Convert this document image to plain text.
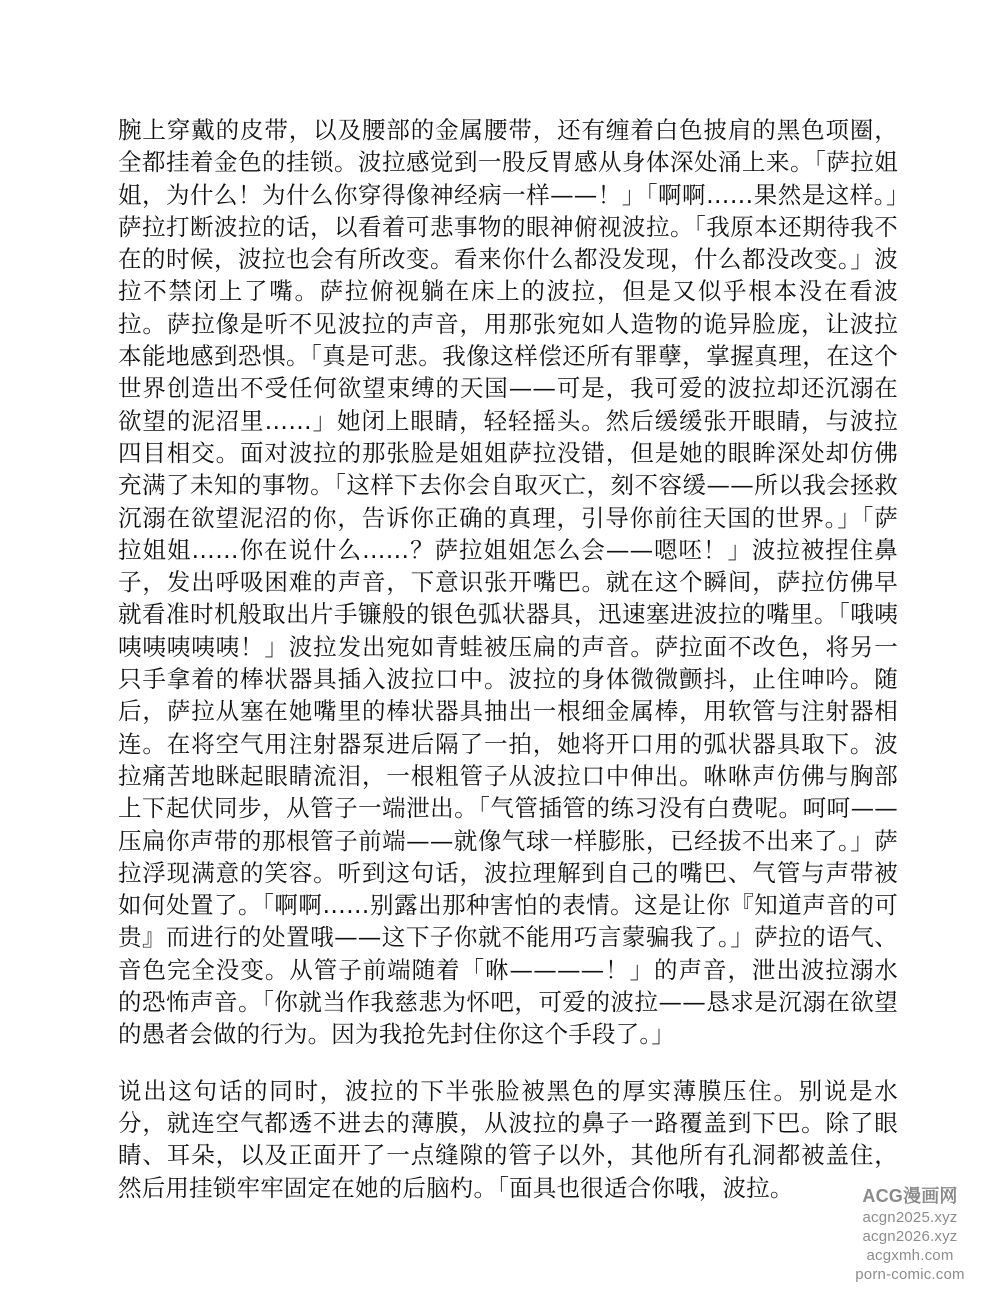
腕上穿戴的皮带，以及腰部的金属腰带，还有缠着白色披肩的黑色项圈，全都挂着金色的挂锁。波拉感觉到一股反胃感从身体深处涌上来。「萨拉姐姐，为什么！为什么你穿得像神经病一样——！」「啊啊……果然是这样。」萨拉打断波拉的话，以看着可悲事物的眼神俯视波拉。「我原本还期待我不在的时候，波拉也会有所改变。看来你什么都没发现，什么都没改变。」波拉不禁闭上了嘴。萨拉俯视躺在床上的波拉，但是又似乎根本没在看波拉。萨拉像是听不见波拉的声音，用那张宛如人造物的诡异脸庞，让波拉本能地感到恐惧。「真是可悲。我像这样偿还所有罪孽，掌握真理，在这个世界创造出不受任何欲望束缚的天国——可是，我可爱的波拉却还沉溺在欲望的泥沼里……」她闭上眼睛，轻轻摇头。然后缓缓张开眼睛，与波拉四目相交。面对波拉的那张脸是姐姐萨拉没错，但是她的眼眸深处却仿佛充满了未知的事物。「这样下去你会自取灭亡，刻不容缓——所以我会拯救沉溺在欲望泥沼的你，告诉你正确的真理，引导你前往天国的世界。」「萨拉姐姐……你在说什么……？萨拉姐姐怎么会——嗯呸！」波拉被捏住鼻子，发出呼吸困难的声音，下意识张开嘴巴。就在这个瞬间，萨拉仿佛早就看准时机般取出片手镰般的银色弧状器具，迅速塞进波拉的嘴里。「哦咦咦咦咦咦咦！」波拉发出宛如青蛙被压扁的声音。萨拉面不改色，将另一只手拿着的棒状器具插入波拉口中。波拉的身体微微颤抖，止住呻吟。随后，萨拉从塞在她嘴里的棒状器具抽出一根细金属棒，用软管与注射器相连。在将空气用注射器泵进后隔了一拍，她将开口用的弧状器具取下。波拉痛苦地眯起眼睛流泪，一根粗管子从波拉口中伸出。咻咻声仿佛与胸部上下起伏同步，从管子一端泄出。「气管插管的练习没有白费呢。呵呵——压扁你声带的那根管子前端——就像气球一样膨胀，已经拔不出来了。」萨拉浮现满意的笑容。听到这句话，波拉理解到自己的嘴巴、气管与声带被如何处置了。「啊啊……别露出那种害怕的表情。这是让你『知道声音的可贵』而进行的处置哦——这下子你就不能用巧言蒙骗我了。」萨拉的语气、音色完全没变。从管子前端随着「咻————！」的声音，泄出波拉溺水的恐怖声音。「你就当作我慈悲为怀吧，可爱的波拉——恳求是沉溺在欲望的愚者会做的行为。因为我抢先封住你这个手段了。」

说出这句话的同时，波拉的下半张脸被黑色的厚实薄膜压住。别说是水分，就连空气都透不进去的薄膜，从波拉的鼻子一路覆盖到下巴。除了眼睛、耳朵，以及正面开了一点缝隙的管子以外，其他所有孔洞都被盖住，然后用挂锁牢牢固定在她的后脑杓。「面具也很适合你哦，波拉。	ACG漫画网
acgn2025.xyz
acgn2026.xyz
acgxmh.com
porn-comic.com
